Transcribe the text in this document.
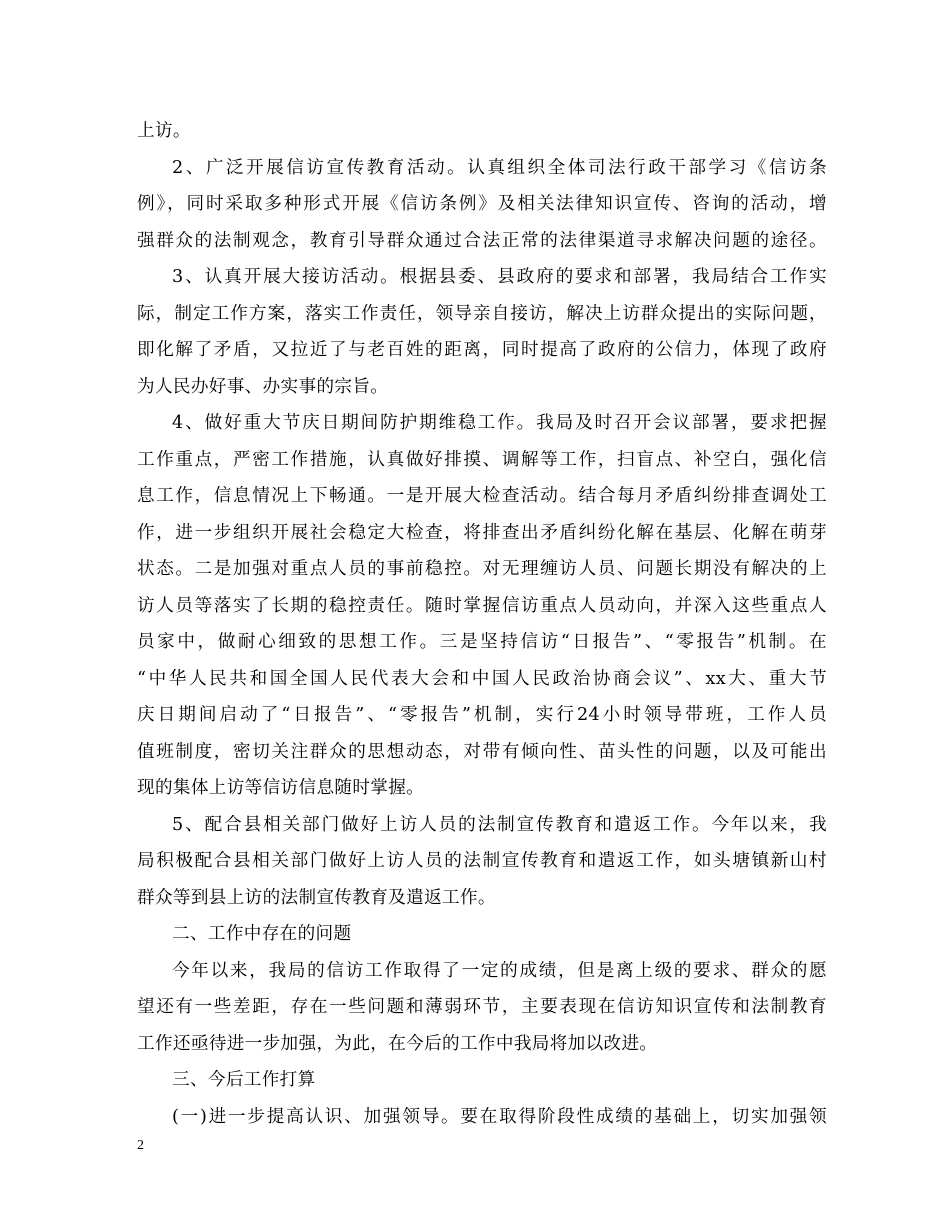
上访。
2、广泛开展信访宣传教育活动。认真组织全体司法行政干部学习《信访条
例》，同时采取多种形式开展《信访条例》及相关法律知识宣传、咨询的活动，增
强群众的法制观念，教育引导群众通过合法正常的法律渠道寻求解决问题的途径。
3、认真开展大接访活动。根据县委、县政府的要求和部署，我局结合工作实
际，制定工作方案，落实工作责任，领导亲自接访，解决上访群众提出的实际问题，
即化解了矛盾，又拉近了与老百姓的距离，同时提高了政府的公信力，体现了政府
为人民办好事、办实事的宗旨。
4、做好重大节庆日期间防护期维稳工作。我局及时召开会议部署，要求把握
工作重点，严密工作措施，认真做好排摸、调解等工作，扫盲点、补空白，强化信
息工作，信息情况上下畅通。一是开展大检查活动。结合每月矛盾纠纷排查调处工
作，进一步组织开展社会稳定大检查，将排查出矛盾纠纷化解在基层、化解在萌芽
状态。二是加强对重点人员的事前稳控。对无理缠访人员、问题长期没有解决的上
访人员等落实了长期的稳控责任。随时掌握信访重点人员动向，并深入这些重点人
员家中，做耐心细致的思想工作。三是坚持信访“日报告”、“零报告”机制。在
“中华人民共和国全国人民代表大会和中国人民政治协商会议”、xx大、重大节
庆日期间启动了“日报告”、“零报告”机制，实行24小时领导带班，工作人员
值班制度，密切关注群众的思想动态，对带有倾向性、苗头性的问题，以及可能出
现的集体上访等信访信息随时掌握。
5、配合县相关部门做好上访人员的法制宣传教育和遣返工作。今年以来，我
局积极配合县相关部门做好上访人员的法制宣传教育和遣返工作，如头塘镇新山村
群众等到县上访的法制宣传教育及遣返工作。
二、工作中存在的问题
今年以来，我局的信访工作取得了一定的成绩，但是离上级的要求、群众的愿
望还有一些差距，存在一些问题和薄弱环节，主要表现在信访知识宣传和法制教育
工作还亟待进一步加强，为此，在今后的工作中我局将加以改进。
三、今后工作打算
(一)进一步提高认识、加强领导。要在取得阶段性成绩的基础上，切实加强领
2
